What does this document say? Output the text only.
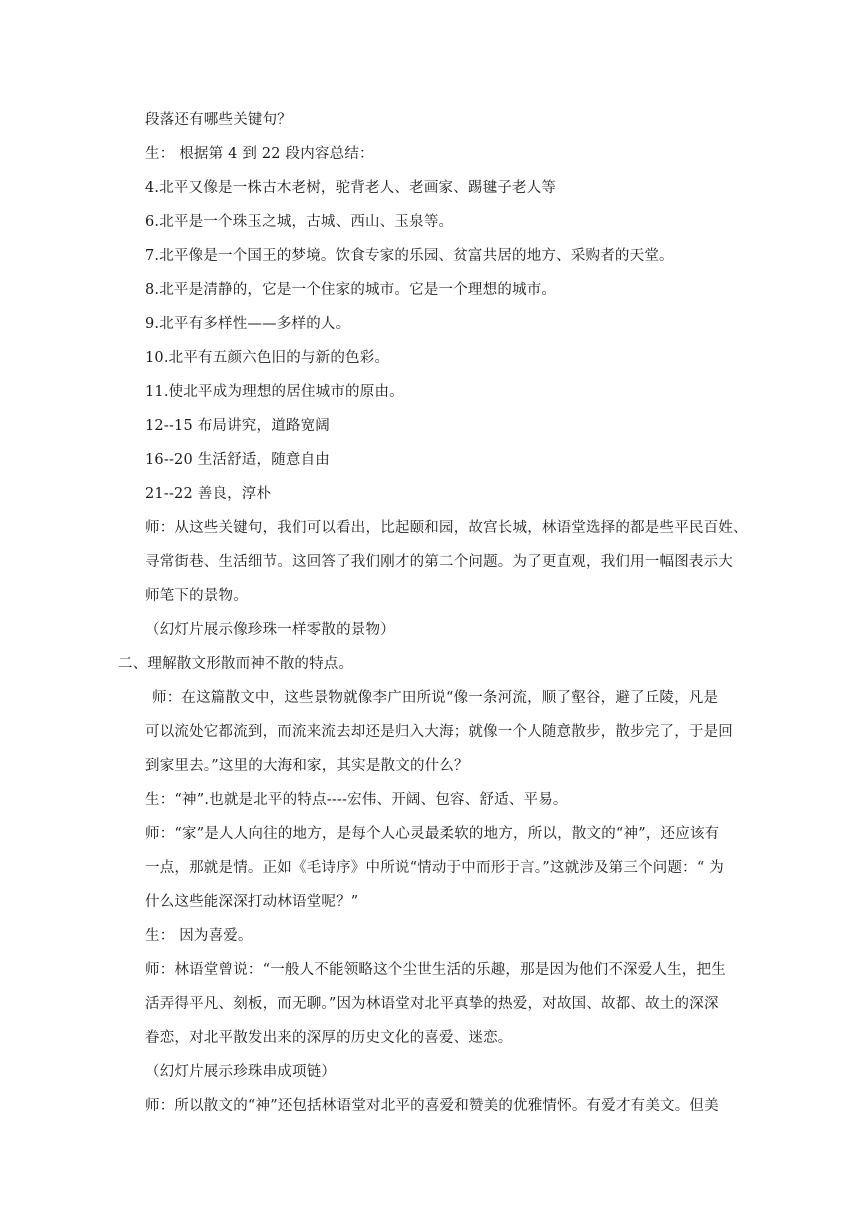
段落还有哪些关键句？
生： 根据第 4 到 22 段内容总结：
4.北平又像是一株古木老树，驼背老人、老画家、踢毽子老人等
6.北平是一个珠玉之城，古城、西山、玉泉等。
7.北平像是一个国王的梦境。饮食专家的乐园、贫富共居的地方、采购者的天堂。
8.北平是清静的，它是一个住家的城市。它是一个理想的城市。
9.北平有多样性——多样的人。
10.北平有五颜六色旧的与新的色彩。
11.使北平成为理想的居住城市的原由。
12--15 布局讲究，道路宽阔
16--20 生活舒适，随意自由
21--22 善良，淳朴
师：从这些关键句，我们可以看出，比起颐和园，故宫长城，林语堂选择的都是些平民百姓、
寻常街巷、生活细节。这回答了我们刚才的第二个问题。为了更直观，我们用一幅图表示大
师笔下的景物。
（幻灯片展示像珍珠一样零散的景物）
二、理解散文形散而神不散的特点。
师：在这篇散文中，这些景物就像李广田所说“像一条河流，顺了壑谷，避了丘陵，凡是
可以流处它都流到，而流来流去却还是归入大海；就像一个人随意散步，散步完了，于是回
到家里去。”这里的大海和家，其实是散文的什么？
生：“神”.也就是北平的特点----宏伟、开阔、包容、舒适、平易。
师：“家”是人人向往的地方，是每个人心灵最柔软的地方，所以，散文的“神”，还应该有
一点，那就是情。正如《毛诗序》中所说“情动于中而形于言。”这就涉及第三个问题：“ 为
什么这些能深深打动林语堂呢？”
生： 因为喜爱。
师：林语堂曾说：“一般人不能领略这个尘世生活的乐趣，那是因为他们不深爱人生，把生
活弄得平凡、刻板，而无聊。”因为林语堂对北平真挚的热爱，对故国、故都、故土的深深
眷恋，对北平散发出来的深厚的历史文化的喜爱、迷恋。
（幻灯片展示珍珠串成项链）
师：所以散文的“神”还包括林语堂对北平的喜爱和赞美的优雅情怀。有爱才有美文。但美
